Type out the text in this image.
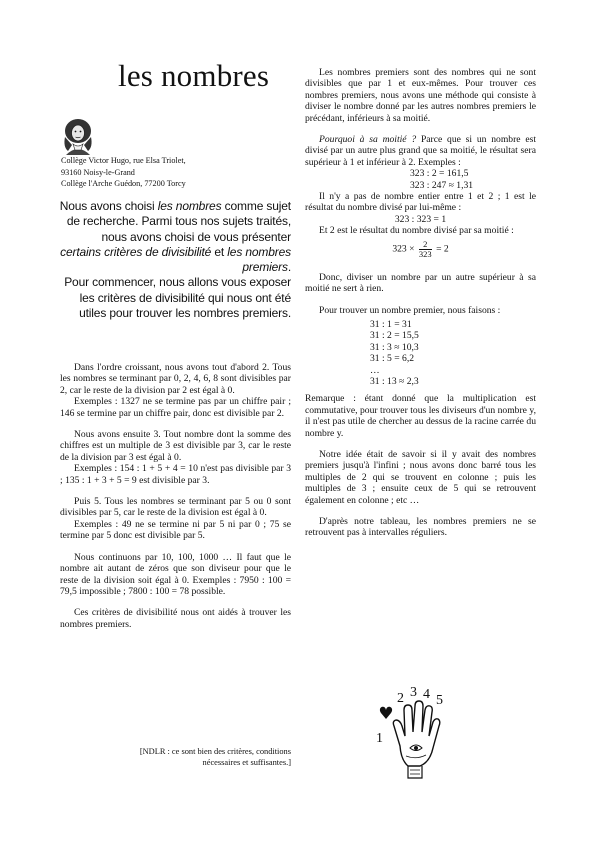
les nombres
Collège Victor Hugo, rue Elsa Triolet,
93160 Noisy-le-Grand
Collège l'Arche Guédon, 77200 Torcy
Nous avons choisi les nombres comme sujet de recherche. Parmi tous nos sujets traités, nous avons choisi de vous présenter certains critères de divisibilité et les nombres premiers.
Pour commencer, nous allons vous exposer les critères de divisibilité qui nous ont été utiles pour trouver les nombres premiers.

Dans l'ordre croissant, nous avons tout d'abord 2. Tous les nombres se terminant par 0, 2, 4, 6, 8 sont divisibles par 2, car le reste de la division par 2 est égal à 0.

Exemples : 1327 ne se termine pas par un chiffre pair ; 146 se termine par un chiffre pair, donc est divisible par 2.

Nous avons ensuite 3. Tout nombre dont la somme des chiffres est un multiple de 3 est divisible par 3, car le reste de la division par 3 est égal à 0.

Exemples : 154 : 1 + 5 + 4 = 10 n'est pas divisible par 3 ; 135 : 1 + 3 + 5 = 9 est divisible par 3.

Puis 5. Tous les nombres se terminant par 5 ou 0 sont divisibles par 5, car le reste de la division est égal à 0.

Exemples : 49 ne se termine ni par 5 ni par 0 ; 75 se termine par 5 donc est divisible par 5.

Nous continuons par 10, 100, 1000 … Il faut que le nombre ait autant de zéros que son diviseur pour que le reste de la division soit égal à 0. Exemples : 7950 : 100 = 79,5 impossible ; 7800 : 100 = 78 possible.

Ces critères de divisibilité nous ont aidés à trouver les nombres premiers.

[NDLR : ce sont bien des critères, conditions
nécessaires et suffisantes.]

Les nombres premiers sont des nombres qui ne sont divisibles que par 1 et eux-mêmes. Pour trouver ces nombres premiers, nous avons une méthode qui consiste à diviser le nombre donné par les autres nombres premiers le précédant, inférieurs à sa moitié.

Pourquoi à sa moitié ? Parce que si un nombre est divisé par un autre plus grand que sa moitié, le résultat sera supérieur à 1 et inférieur à 2. Exemples :

323 : 2 = 161,5
323 : 247 ≈ 1,31

Il n'y a pas de nombre entier entre 1 et 2 ; 1 est le résultat du nombre divisé par lui-même :

323 : 323 = 1

Et 2 est le résultat du nombre divisé par sa moitié :

$323 \times \frac{2}{323} = 2$

Donc, diviser un nombre par un autre supérieur à sa moitié ne sert à rien.

Pour trouver un nombre premier, nous faisons :

31 : 1 = 31
31 : 2 = 15,5
31 : 3 ≈ 10,3
31 : 5 = 6,2
…
31 : 13 ≈ 2,3

Remarque : étant donné que la multiplication est commutative, pour trouver tous les diviseurs d'un nombre y, il n'est pas utile de chercher au dessus de la racine carrée du nombre y.

Notre idée était de savoir si il y avait des nombres premiers jusqu'à l'infini ; nous avons donc barré tous les multiples de 2 qui se trouvent en colonne ; puis les multiples de 3 ; ensuite ceux de 5 qui se retrouvent également en colonne ; etc …

D'après notre tableau, les nombres premiers ne se retrouvent pas à intervalles réguliers.

1
2 3 4 5
